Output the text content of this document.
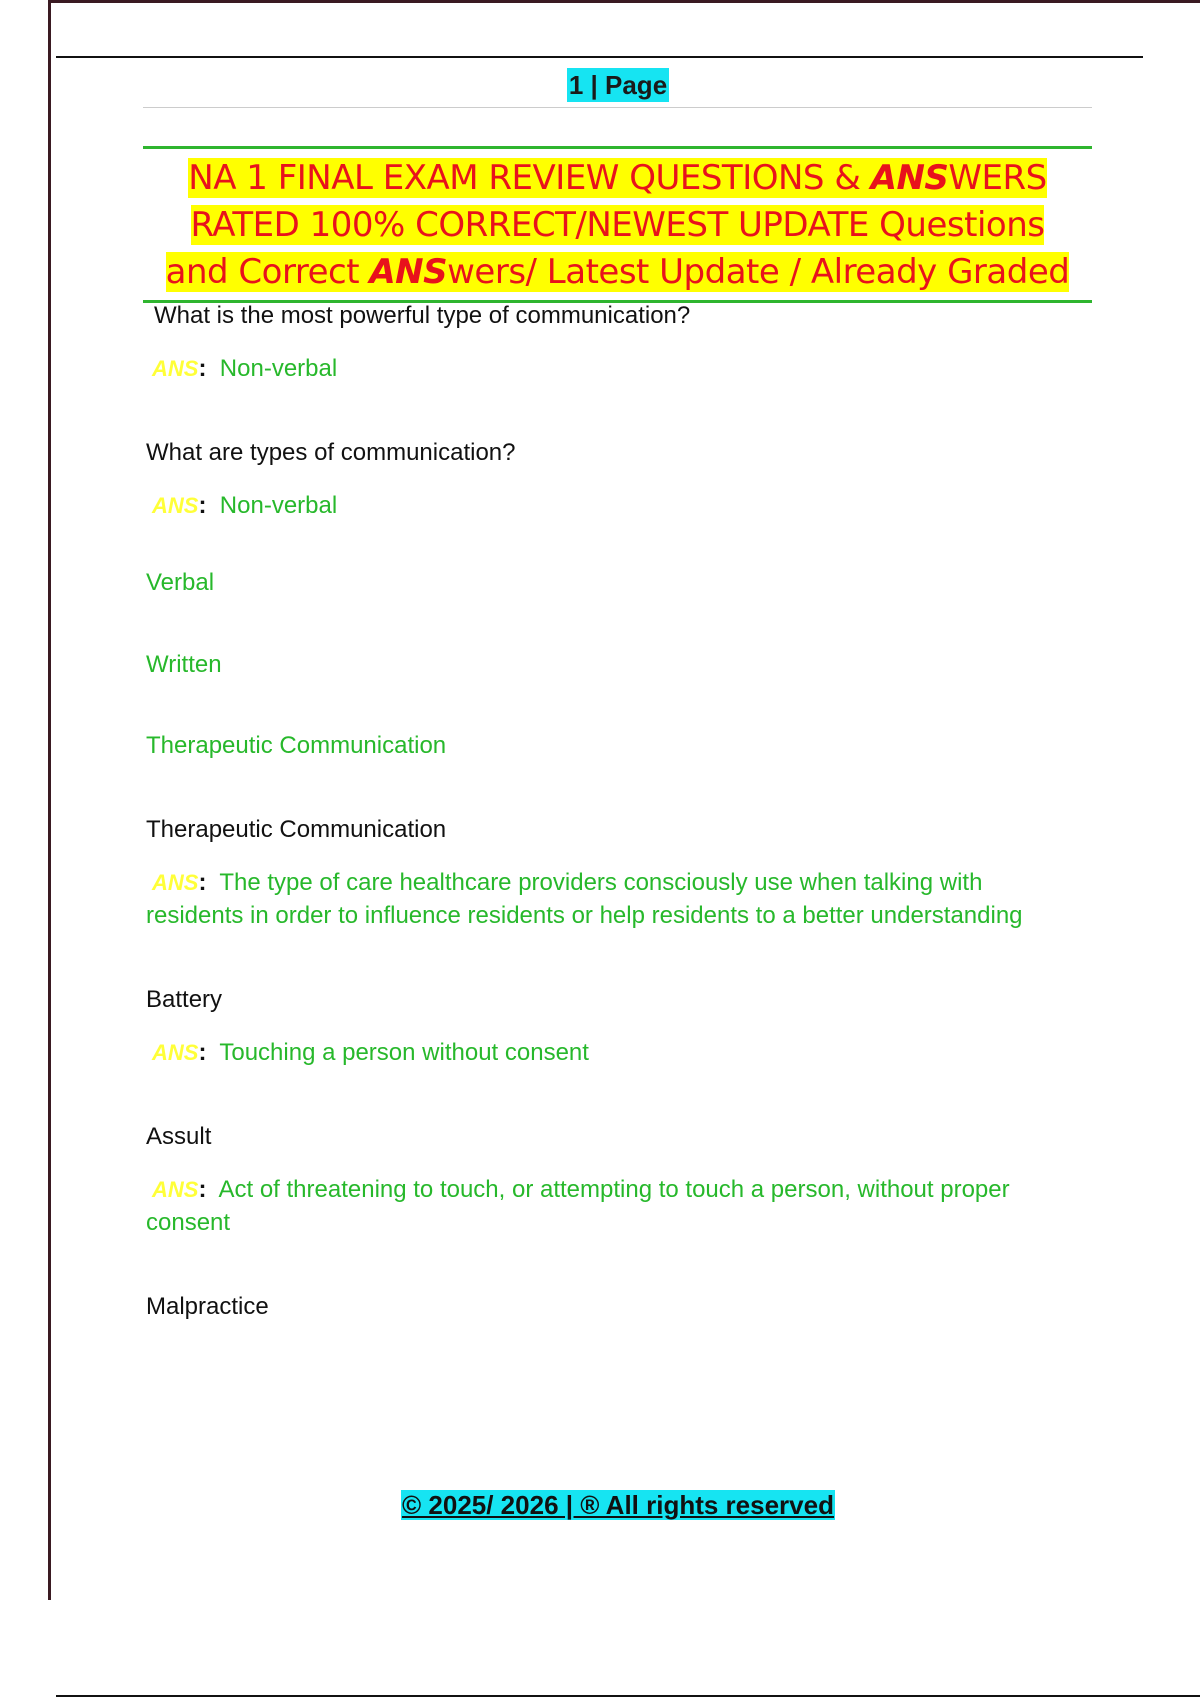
1 | Page
NA 1 FINAL EXAM REVIEW QUESTIONS & ANSWERS
RATED 100% CORRECT/NEWEST UPDATE Questions
and Correct ANSwers/ Latest Update / Already Graded

What is the most powerful type of communication?

ANS: Non-verbal

What are types of communication?

ANS: Non-verbal

Verbal

Written

Therapeutic Communication

Therapeutic Communication

ANS: The type of care healthcare providers consciously use when talking with residents in order to influence residents or help residents to a better understanding

Battery

ANS: Touching a person without consent

Assult

ANS: Act of threatening to touch, or attempting to touch a person, without proper consent

Malpractice

© 2025/ 2026 | ® All rights reserved
